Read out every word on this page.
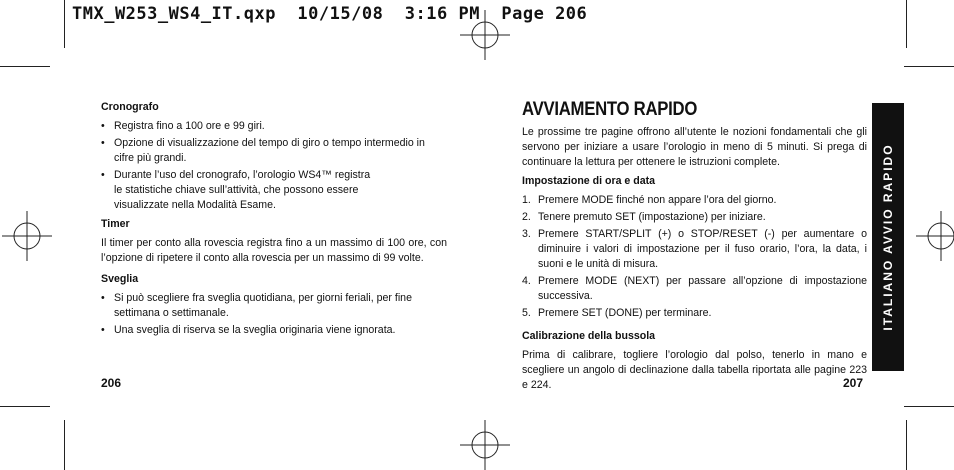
TMX_W253_WS4_IT.qxp  10/15/08  3:16 PM  Page 206

Cronografo

• Registra fino a 100 ore e 99 giri.
• Opzione di visualizzazione del tempo di giro o tempo intermedio in cifre più grandi.
• Durante l’uso del cronografo, l’orologio WS4™ registra le statistiche chiave sull’attività, che possono essere visualizzate nella Modalità Esame.

Timer

Il timer per conto alla rovescia registra fino a un massimo di 100 ore, con l’opzione di ripetere il conto alla rovescia per un massimo di 99 volte.

Sveglia

• Si può scegliere fra sveglia quotidiana, per giorni feriali, per fine settimana o settimanale.
• Una sveglia di riserva se la sveglia originaria viene ignorata.
206
AVVIAMENTO RAPIDO

Le prossime tre pagine offrono all’utente le nozioni fondamentali che gli servono per iniziare a usare l’orologio in meno di 5 minuti. Si prega di continuare la lettura per ottenere le istruzioni complete.

Impostazione di ora e data

1. Premere MODE finché non appare l’ora del giorno.
2. Tenere premuto SET (impostazione) per iniziare.
3. Premere START/SPLIT (+) o STOP/RESET (-) per aumentare o diminuire i valori di impostazione per il fuso orario, l’ora, la data, i suoni e le unità di misura.
4. Premere MODE (NEXT) per passare all’opzione di impostazione successiva.
5. Premere SET (DONE) per terminare.

Calibrazione della bussola

Prima di calibrare, togliere l’orologio dal polso, tenerlo in mano e scegliere un angolo di declinazione dalla tabella riportata alle pagine 223 e 224.	207
ITALIANO AVVIO RAPIDO
